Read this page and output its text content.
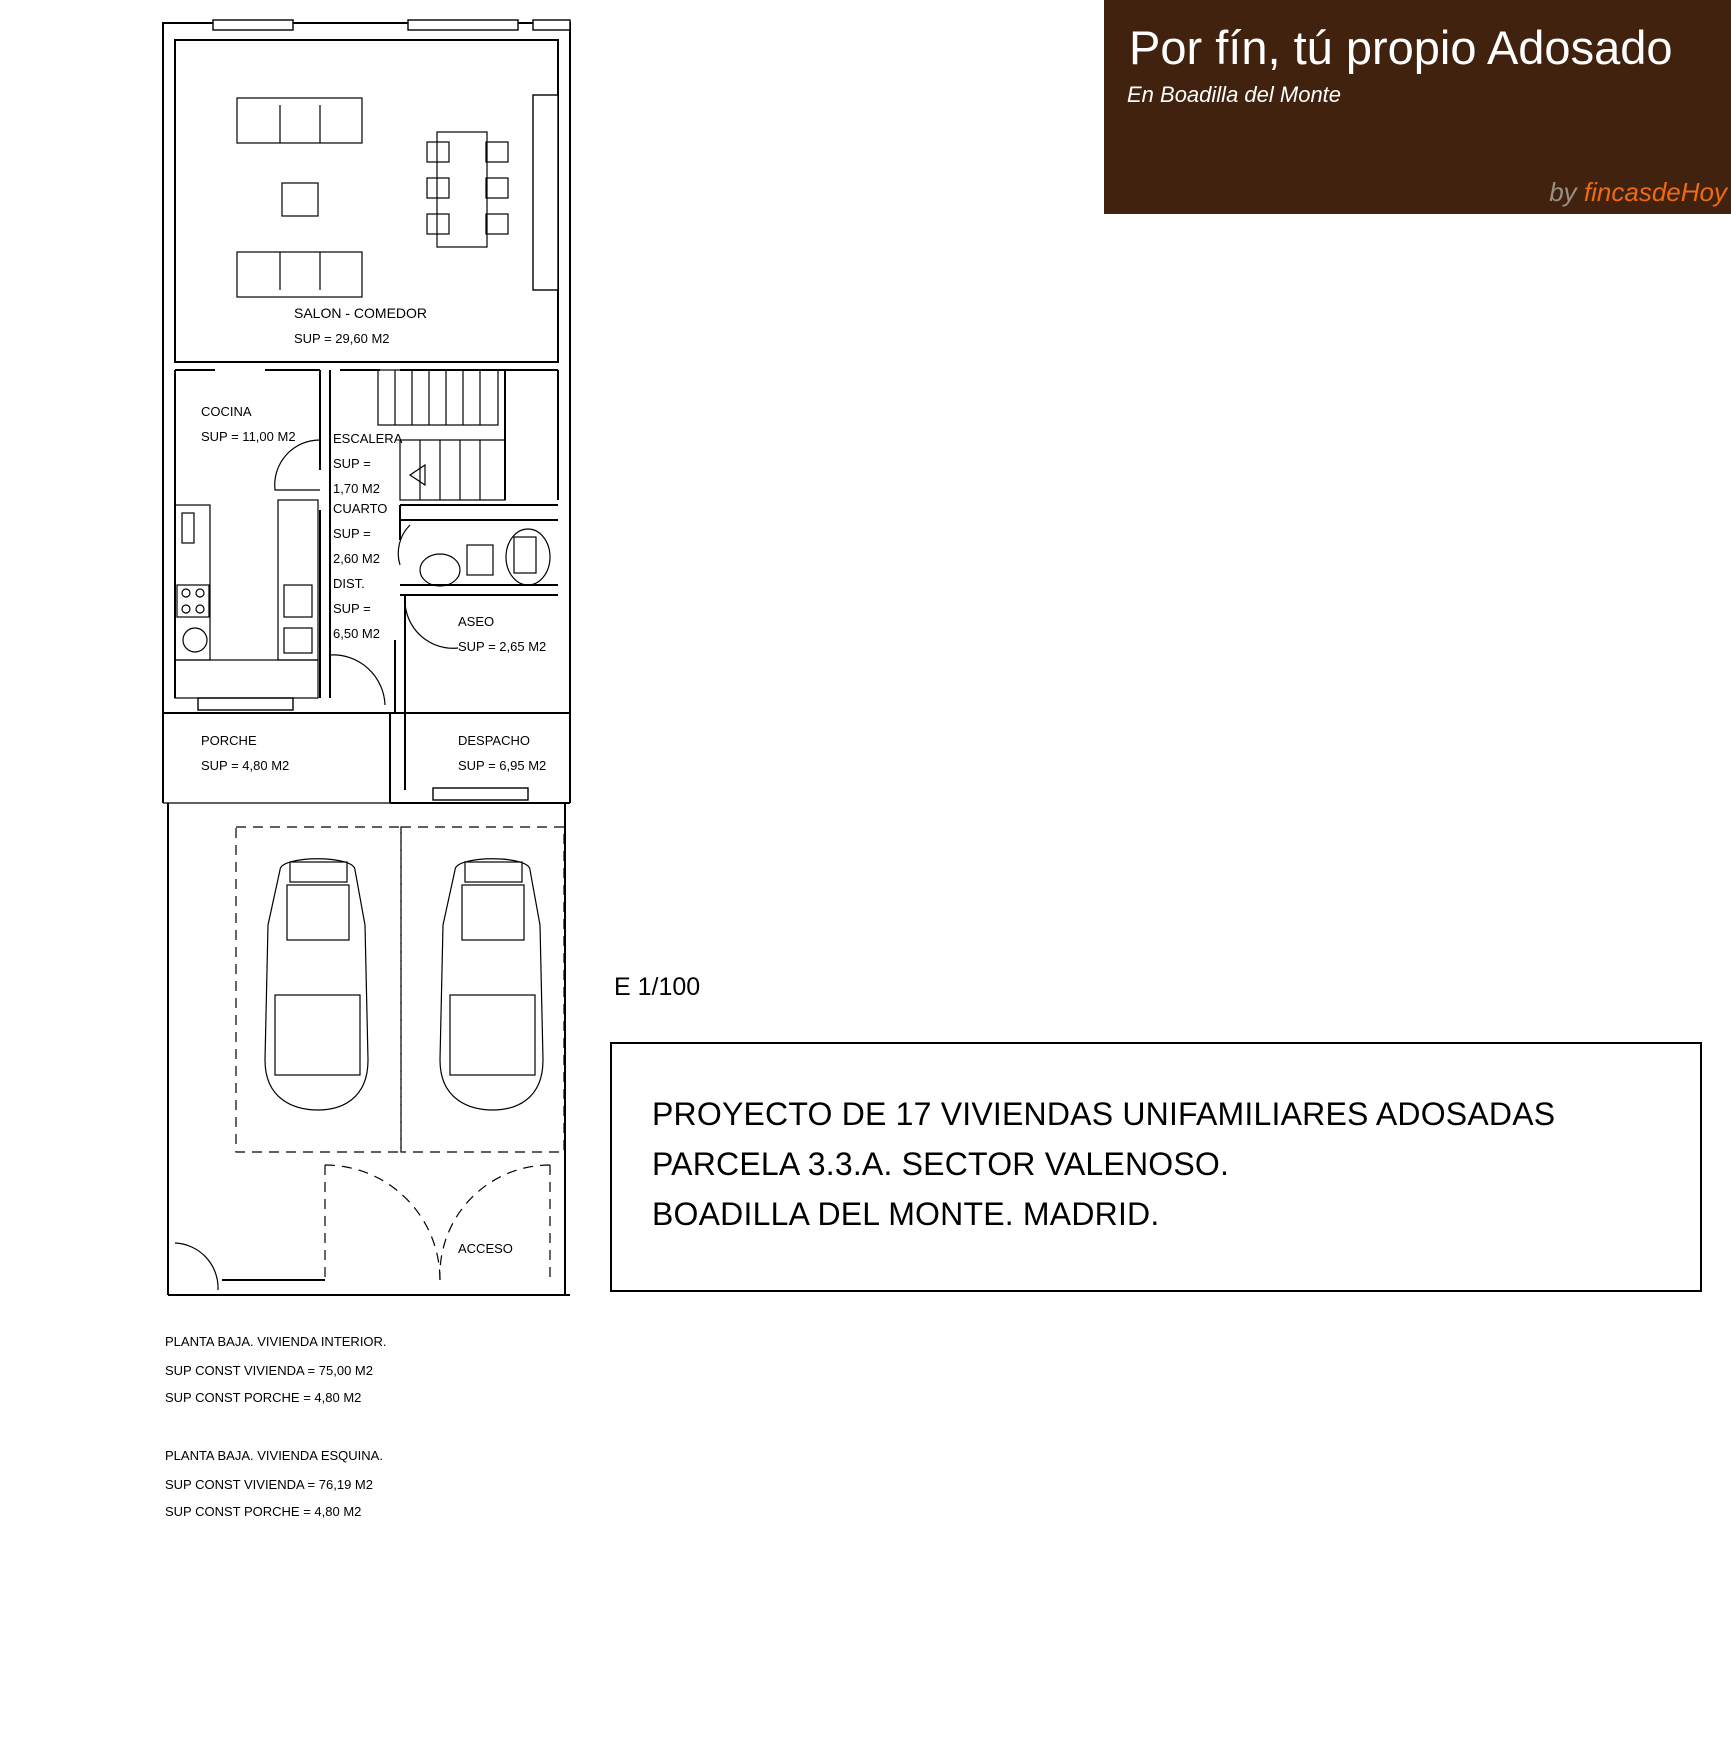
SALON - COMEDOR
SUP = 29,60 M2
COCINA
SUP = 11,00 M2	ESCALERA
SUP =
1,70 M2
CUARTO
SUP =
2,60 M2
DIST.
SUP =
6,50 M2
ASEO
SUP = 2,65 M2
DESPACHO
SUP = 6,95 M2
PORCHE
SUP = 4,80 M2
ACCESO
Por fín, tú propio Adosado
En Boadilla del Monte
by fincasdeHoy
E 1/100
PROYECTO DE 17 VIVIENDAS UNIFAMILIARES ADOSADAS
PARCELA 3.3.A. SECTOR VALENOSO.
BOADILLA DEL MONTE. MADRID.
PLANTA BAJA. VIVIENDA INTERIOR.
SUP CONST VIVIENDA = 75,00 M2
SUP CONST PORCHE = 4,80 M2
PLANTA BAJA. VIVIENDA ESQUINA.
SUP CONST VIVIENDA = 76,19 M2
SUP CONST PORCHE = 4,80 M2
